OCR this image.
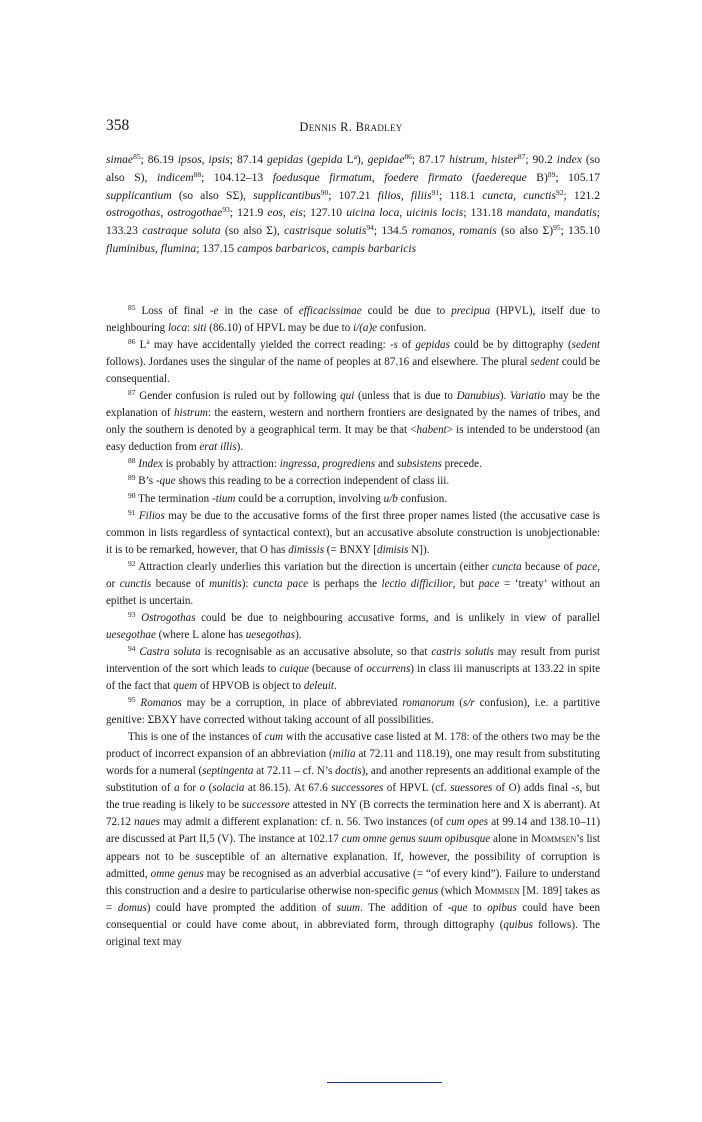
358	Dennis R. Bradley
simae$^{85}$; 86.19 ipsos, ipsis; 87.14 gepidas (gepida $L^a$), gepidae$^{86}$; 87.17 histrum, hister$^{87}$; 90.2 index (so also S), indicem$^{88}$; 104.12–13 foedusque firmatum, foedere firmato (faedereque B)$^{89}$; 105.17 supplicantium (so also SΣ), supplicantibus$^{90}$; 107.21 filios, filiis$^{91}$; 118.1 cuncta, cunctis$^{92}$; 121.2 ostrogothas, ostrogothae$^{93}$; 121.9 eos, eis; 127.10 uicina loca, uicinis locis; 131.18 mandata, mandatis; 133.23 castraque soluta (so also Σ), castrisque solutis$^{94}$; 134.5 romanos, romanis (so also Σ)$^{95}$; 135.10 fluminibus, flumina; 137.15 campos barbaricos, campis barbaricis

$^{85}$ Loss of final -e in the case of efficacissimae could be due to precipua (HPVL), itself due to neighbouring loca: siti (86.10) of HPVL may be due to i/(a)e confusion.

$^{86}$ $L^a$ may have accidentally yielded the correct reading: -s of gepidas could be by dittography (sedent follows). Jordanes uses the singular of the name of peoples at 87.16 and elsewhere. The plural sedent could be consequential.

$^{87}$ Gender confusion is ruled out by following qui (unless that is due to Danubius). Variatio may be the explanation of histrum: the eastern, western and northern frontiers are designated by the names of tribes, and only the southern is denoted by a geographical term. It may be that <habent> is intended to be understood (an easy deduction from erat illis).

$^{88}$ Index is probably by attraction: ingressa, progrediens and subsistens precede.

$^{89}$ B’s -que shows this reading to be a correction independent of class iii.

$^{90}$ The termination -tium could be a corruption, involving u/b confusion.

$^{91}$ Filios may be due to the accusative forms of the first three proper names listed (the accusative case is common in lists regardless of syntactical context), but an accusative absolute construction is unobjectionable: it is to be remarked, however, that O has dimissis (= BNXY [dimisis N]).

$^{92}$ Attraction clearly underlies this variation but the direction is uncertain (either cuncta because of pace, or cunctis because of munitis): cuncta pace is perhaps the lectio difficilior, but pace = ‘treaty’ without an epithet is uncertain.

$^{93}$ Ostrogothas could be due to neighbouring accusative forms, and is unlikely in view of parallel uesegothae (where L alone has uesegothas).

$^{94}$ Castra soluta is recognisable as an accusative absolute, so that castris solutis may result from purist intervention of the sort which leads to cuique (because of occurrens) in class iii manuscripts at 133.22 in spite of the fact that quem of HPVOB is object to deleuit.

$^{95}$ Romanos may be a corruption, in place of abbreviated romanorum (s/r confusion), i.e. a partitive genitive: ΣBXY have corrected without taking account of all possibilities.

This is one of the instances of cum with the accusative case listed at M. 178: of the others two may be the product of incorrect expansion of an abbreviation (milia at 72.11 and 118.19), one may result from substituting words for a numeral (septingenta at 72.11 – cf. N’s doctis), and another represents an additional example of the substitution of a for o (solacia at 86.15). At 67.6 successores of HPVL (cf. suessores of O) adds final -s, but the true reading is likely to be successore attested in NY (B corrects the termination here and X is aberrant). At 72.12 naues may admit a different explanation: cf. n. 56. Two instances (of cum opes at 99.14 and 138.10–11) are discussed at Part II,5 (V). The instance at 102.17 cum omne genus suum opibusque alone in Mommsen’s list appears not to be susceptible of an alternative explanation. If, however, the possibility of corruption is admitted, omne genus may be recognised as an adverbial accusative (= “of every kind”). Failure to understand this construction and a desire to particularise otherwise non-specific genus (which Mommsen [M. 189] takes as = domus) could have prompted the addition of suum. The addition of -que to opibus could have been consequential or could have come about, in abbreviated form, through dittography (quibus follows). The original text may
